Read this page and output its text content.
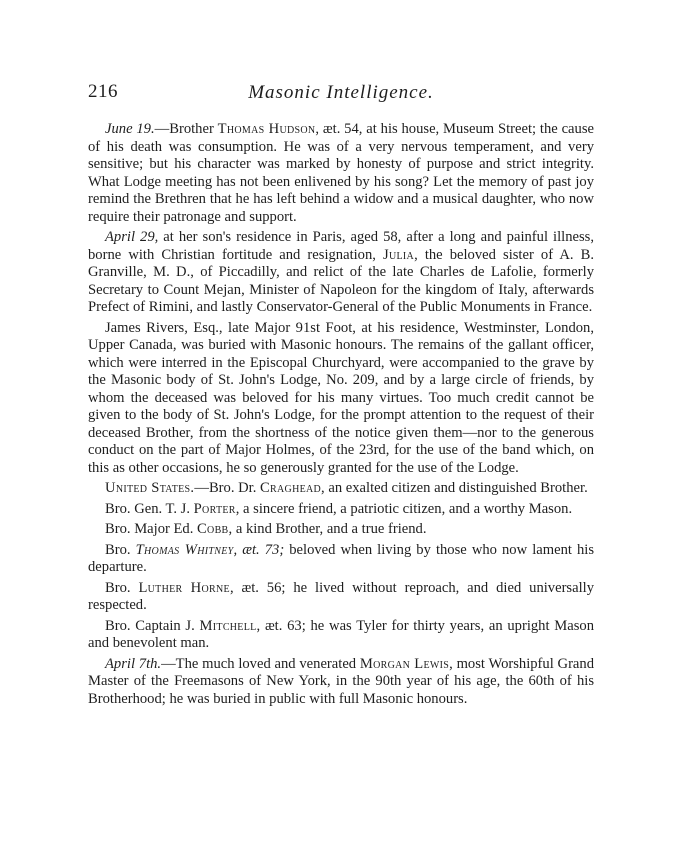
216	Masonic Intelligence.

June 19.—Brother Thomas Hudson, æt. 54, at his house, Museum Street; the cause of his death was consumption. He was of a very nervous temperament, and very sensitive; but his character was marked by honesty of purpose and strict integrity. What Lodge meeting has not been enlivened by his song? Let the memory of past joy remind the Brethren that he has left behind a widow and a musical daughter, who now require their patronage and support.

April 29, at her son's residence in Paris, aged 58, after a long and painful illness, borne with Christian fortitude and resignation, Julia, the beloved sister of A. B. Granville, M. D., of Piccadilly, and relict of the late Charles de Lafolie, formerly Secretary to Count Mejan, Minister of Napoleon for the kingdom of Italy, afterwards Prefect of Rimini, and lastly Conservator-General of the Public Monuments in France.

James Rivers, Esq., late Major 91st Foot, at his residence, Westminster, London, Upper Canada, was buried with Masonic honours. The remains of the gallant officer, which were interred in the Episcopal Churchyard, were accompanied to the grave by the Masonic body of St. John's Lodge, No. 209, and by a large circle of friends, by whom the deceased was beloved for his many virtues. Too much credit cannot be given to the body of St. John's Lodge, for the prompt attention to the request of their deceased Brother, from the shortness of the notice given them—nor to the generous conduct on the part of Major Holmes, of the 23rd, for the use of the band which, on this as other occasions, he so generously granted for the use of the Lodge.

United States.—Bro. Dr. Craghead, an exalted citizen and distinguished Brother.

Bro. Gen. T. J. Porter, a sincere friend, a patriotic citizen, and a worthy Mason.

Bro. Major Ed. Cobb, a kind Brother, and a true friend.

Bro. Thomas Whitney, æt. 73; beloved when living by those who now lament his departure.

Bro. Luther Horne, æt. 56; he lived without reproach, and died universally respected.

Bro. Captain J. Mitchell, æt. 63; he was Tyler for thirty years, an upright Mason and benevolent man.

April 7th.—The much loved and venerated Morgan Lewis, most Worshipful Grand Master of the Freemasons of New York, in the 90th year of his age, the 60th of his Brotherhood; he was buried in public with full Masonic honours.
